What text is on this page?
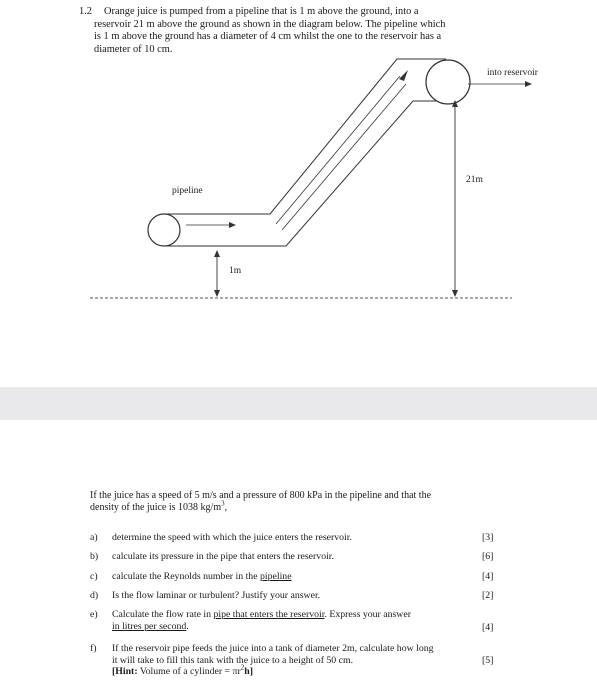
1.2	Orange juice is pumped from a pipeline that is 1 m above the ground, into a
reservoir 21 m above the ground as shown in the diagram below. The pipeline which
is 1 m above the ground has a diameter of 4 cm whilst the one to the reservoir has a
diameter of 10 cm.
into reservoir
pipeline
21m
1m
If the juice has a speed of 5 m/s and a pressure of 800 kPa in the pipeline and that the
density of the juice is 1038 $kg/m^3$,
a) determine the speed with which the juice enters the reservoir.	[3]
b) calculate its pressure in the pipe that enters the reservoir.	[6]
c) calculate the Reynolds number in the pipeline	[4]
d) Is the flow laminar or turbulent? Justify your answer.	[2]
e) Calculate the flow rate in pipe that enters the reservoir. Express your answer
in litres per second.	[4]
f) If the reservoir pipe feeds the juice into a tank of diameter 2m, calculate how long
it will take to fill this tank with the juice to a height of 50 cm.
[Hint: Volume of a cylinder = $\pi r^2h$]
[5]
